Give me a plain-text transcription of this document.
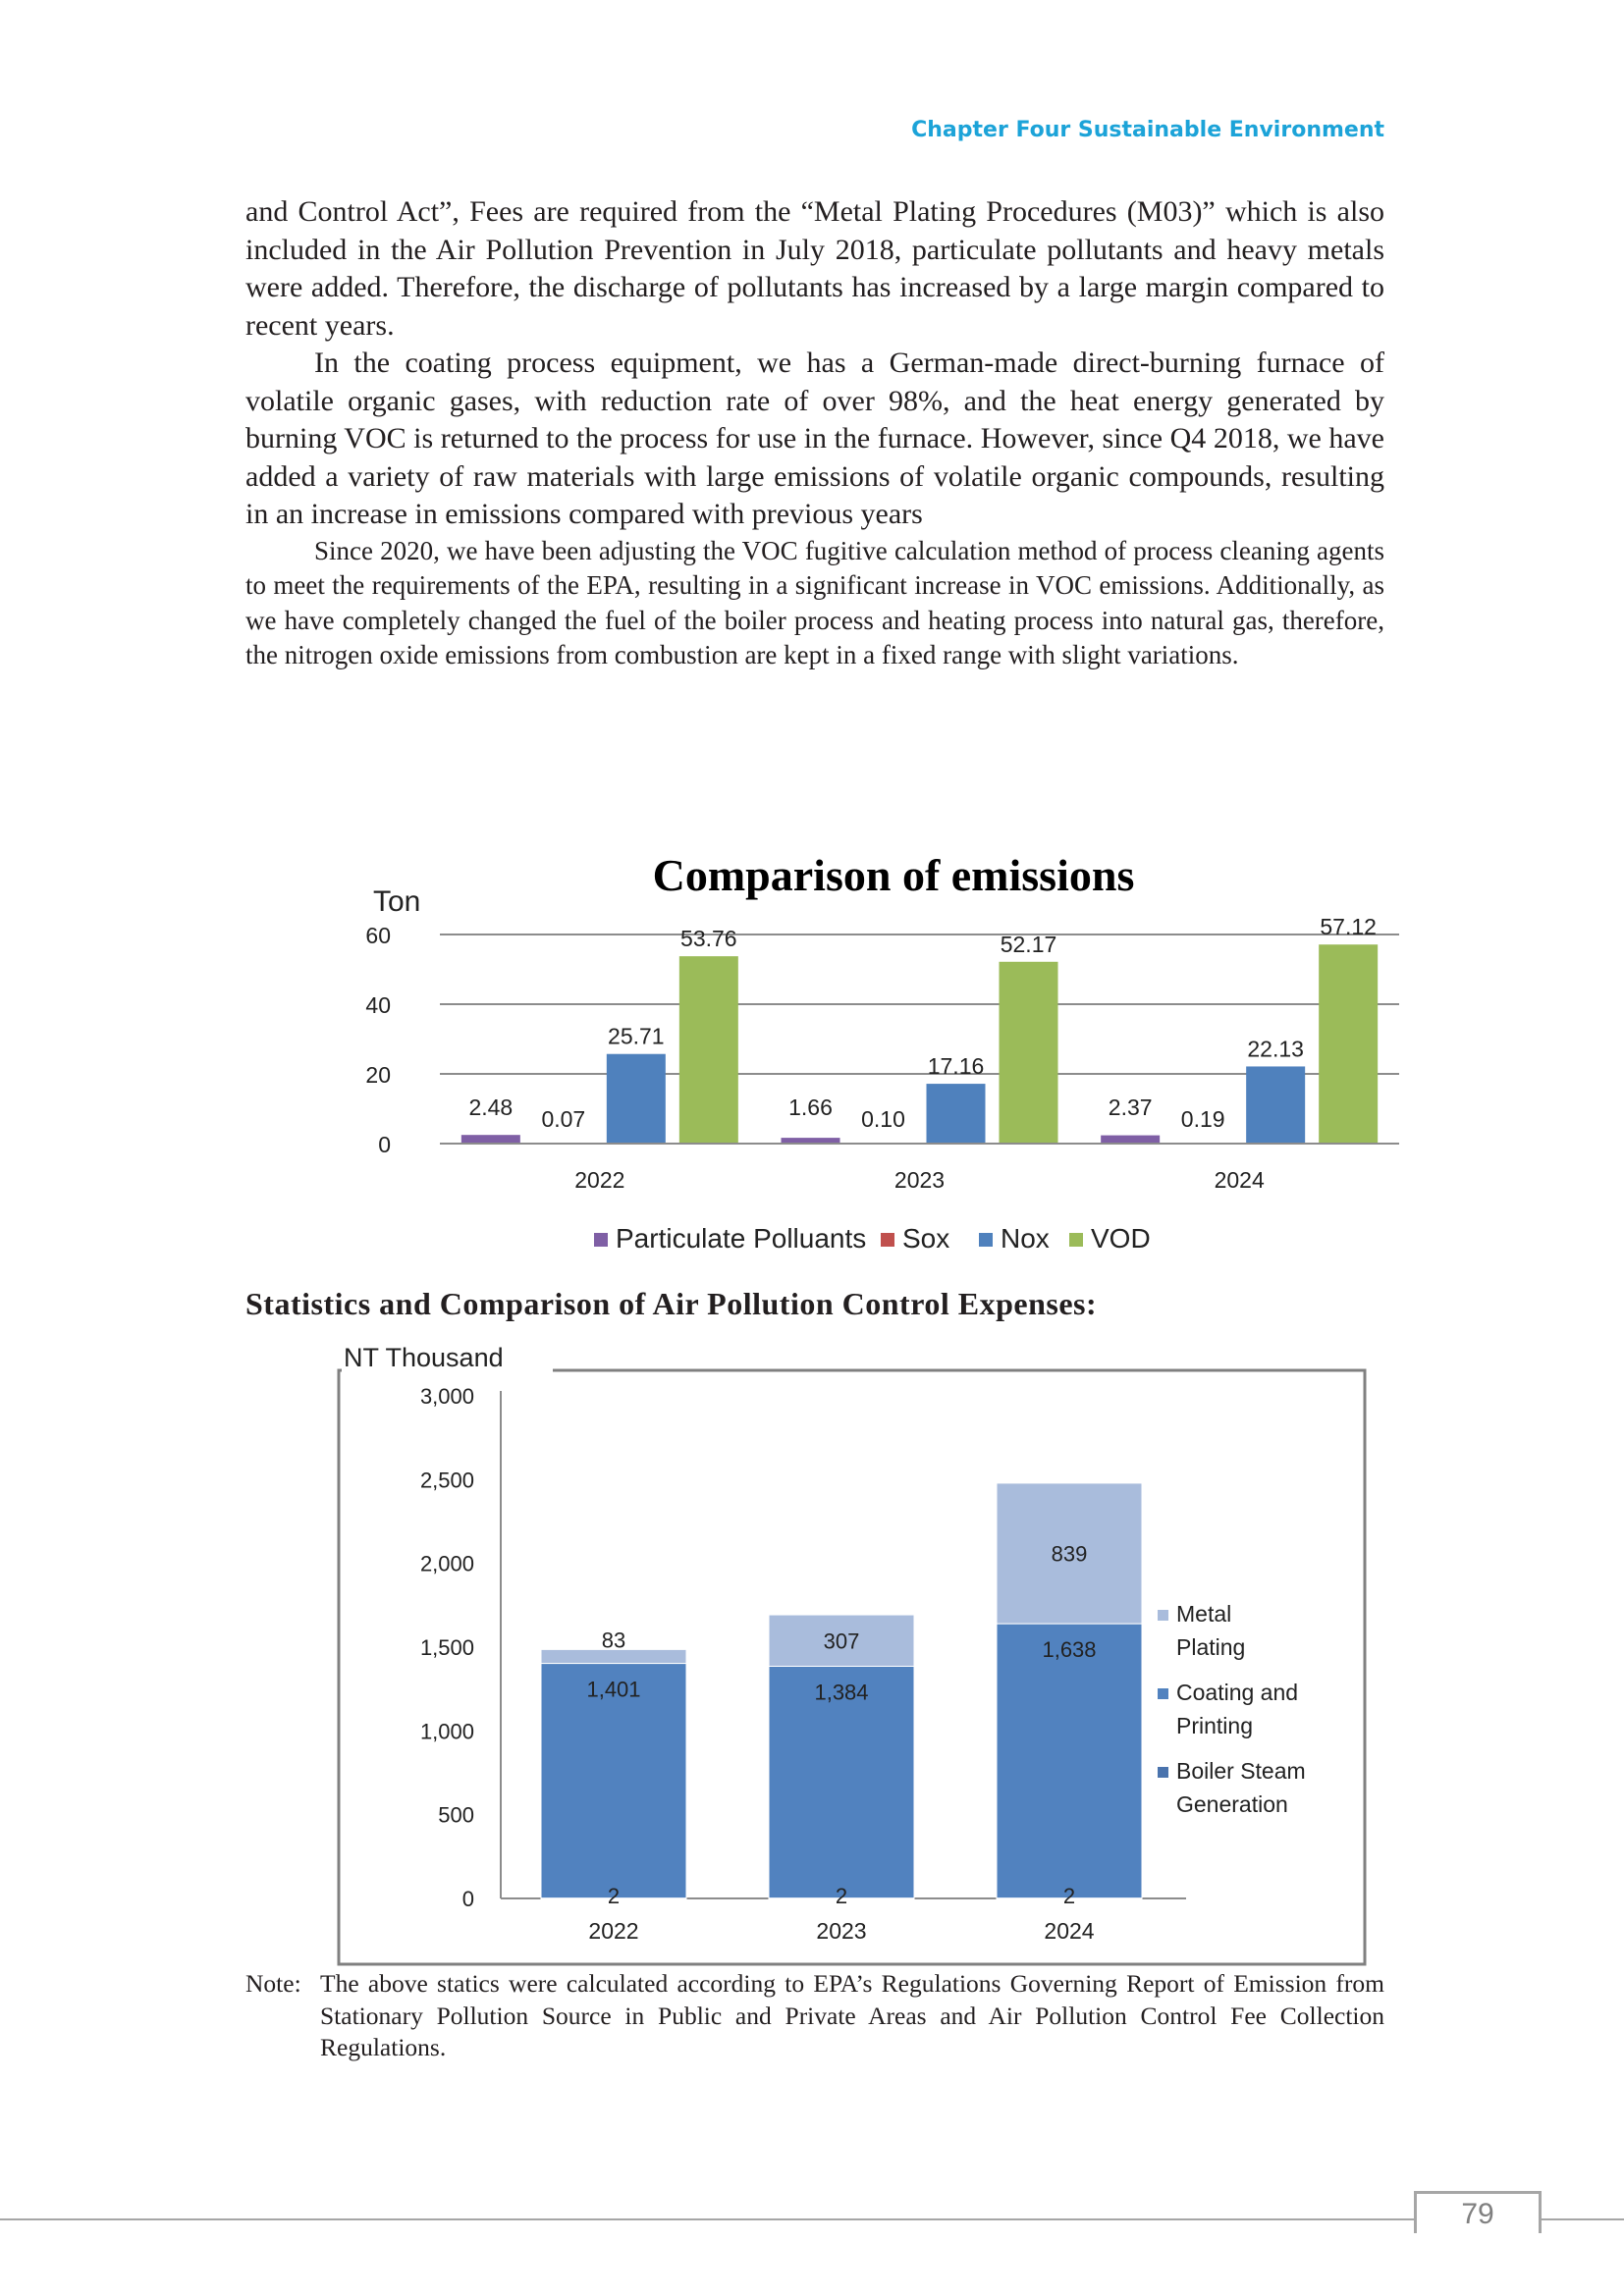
Chapter Four Sustainable Environment

and Control Act”, Fees are required from the “Metal Plating Procedures (M03)” which is also included in the Air Pollution Prevention in July 2018, particulate pollutants and heavy metals were added. Therefore, the discharge of pollutants has increased by a large margin compared to recent years.

In the coating process equipment, we has a German-made direct-burning furnace of volatile organic gases, with reduction rate of over 98%, and the heat energy generated by burning VOC is returned to the process for use in the furnace. However, since Q4 2018, we have added a variety of raw materials with large emissions of volatile organic compounds, resulting in an increase in emissions compared with previous years

Since 2020, we have been adjusting the VOC fugitive calculation method of process cleaning agents to meet the requirements of the EPA, resulting in a significant increase in VOC emissions. Additionally, as we have completely changed the fuel of the boiler process and heating process into natural gas, therefore, the nitrogen oxide emissions from combustion are kept in a fixed range with slight variations.

Comparison of emissions
Ton
2.48 0.07
25.71
53.76
1.66 0.10
17.16
52.17
2.37 0.19
22.13
57.12
0
20
40
60
2022	2023	2024
Particulate Polluants Sox Nox VOD
Statistics and Comparison of Air Pollution Control Expenses:
NT Thousand
0
500
1,000
1,500
2,000
2,500
3,000
2022	2023	2024
2
1,401
83
2
1,384
307
2
1,638
839
Metal Plating
Coating and Printing
Boiler Steam Generation
Note: The above statics were calculated according to EPA’s Regulations Governing Report of Emission from Stationary Pollution Source in Public and Private Areas and Air Pollution Control Fee Collection Regulations.
79
